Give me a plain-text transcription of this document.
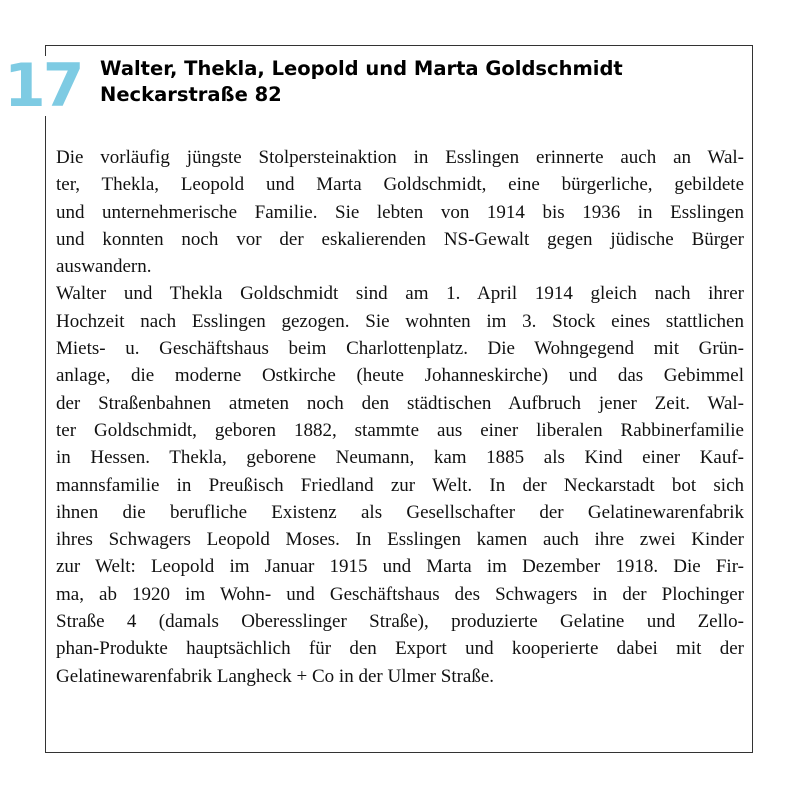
17 Walter, Thekla, Leopold und Marta Goldschmidt
Neckarstraße 82
Die vorläufig jüngste Stolpersteinaktion in Esslingen erinnerte auch an Wal-
ter, Thekla, Leopold und Marta Goldschmidt, eine bürgerliche, gebildete
und unternehmerische Familie. Sie lebten von 1914 bis 1936 in Esslingen
und konnten noch vor der eskalierenden NS-Gewalt gegen jüdische Bürger
auswandern.
Walter und Thekla Goldschmidt sind am 1. April 1914 gleich nach ihrer
Hochzeit nach Esslingen gezogen. Sie wohnten im 3. Stock eines stattlichen
Miets- u. Geschäftshaus beim Charlottenplatz. Die Wohngegend mit Grün-
anlage, die moderne Ostkirche (heute Johanneskirche) und das Gebimmel
der Straßenbahnen atmeten noch den städtischen Aufbruch jener Zeit. Wal-
ter Goldschmidt, geboren 1882, stammte aus einer liberalen Rabbinerfamilie
in Hessen. Thekla, geborene Neumann, kam 1885 als Kind einer Kauf-
mannsfamilie in Preußisch Friedland zur Welt. In der Neckarstadt bot sich
ihnen die berufliche Existenz als Gesellschafter der Gelatinewarenfabrik
ihres Schwagers Leopold Moses. In Esslingen kamen auch ihre zwei Kinder
zur Welt: Leopold im Januar 1915 und Marta im Dezember 1918. Die Fir-
ma, ab 1920 im Wohn- und Geschäftshaus des Schwagers in der Plochinger
Straße 4 (damals Oberesslinger Straße), produzierte Gelatine und Zello-
phan-Produkte hauptsächlich für den Export und kooperierte dabei mit der
Gelatinewarenfabrik Langheck + Co in der Ulmer Straße.
